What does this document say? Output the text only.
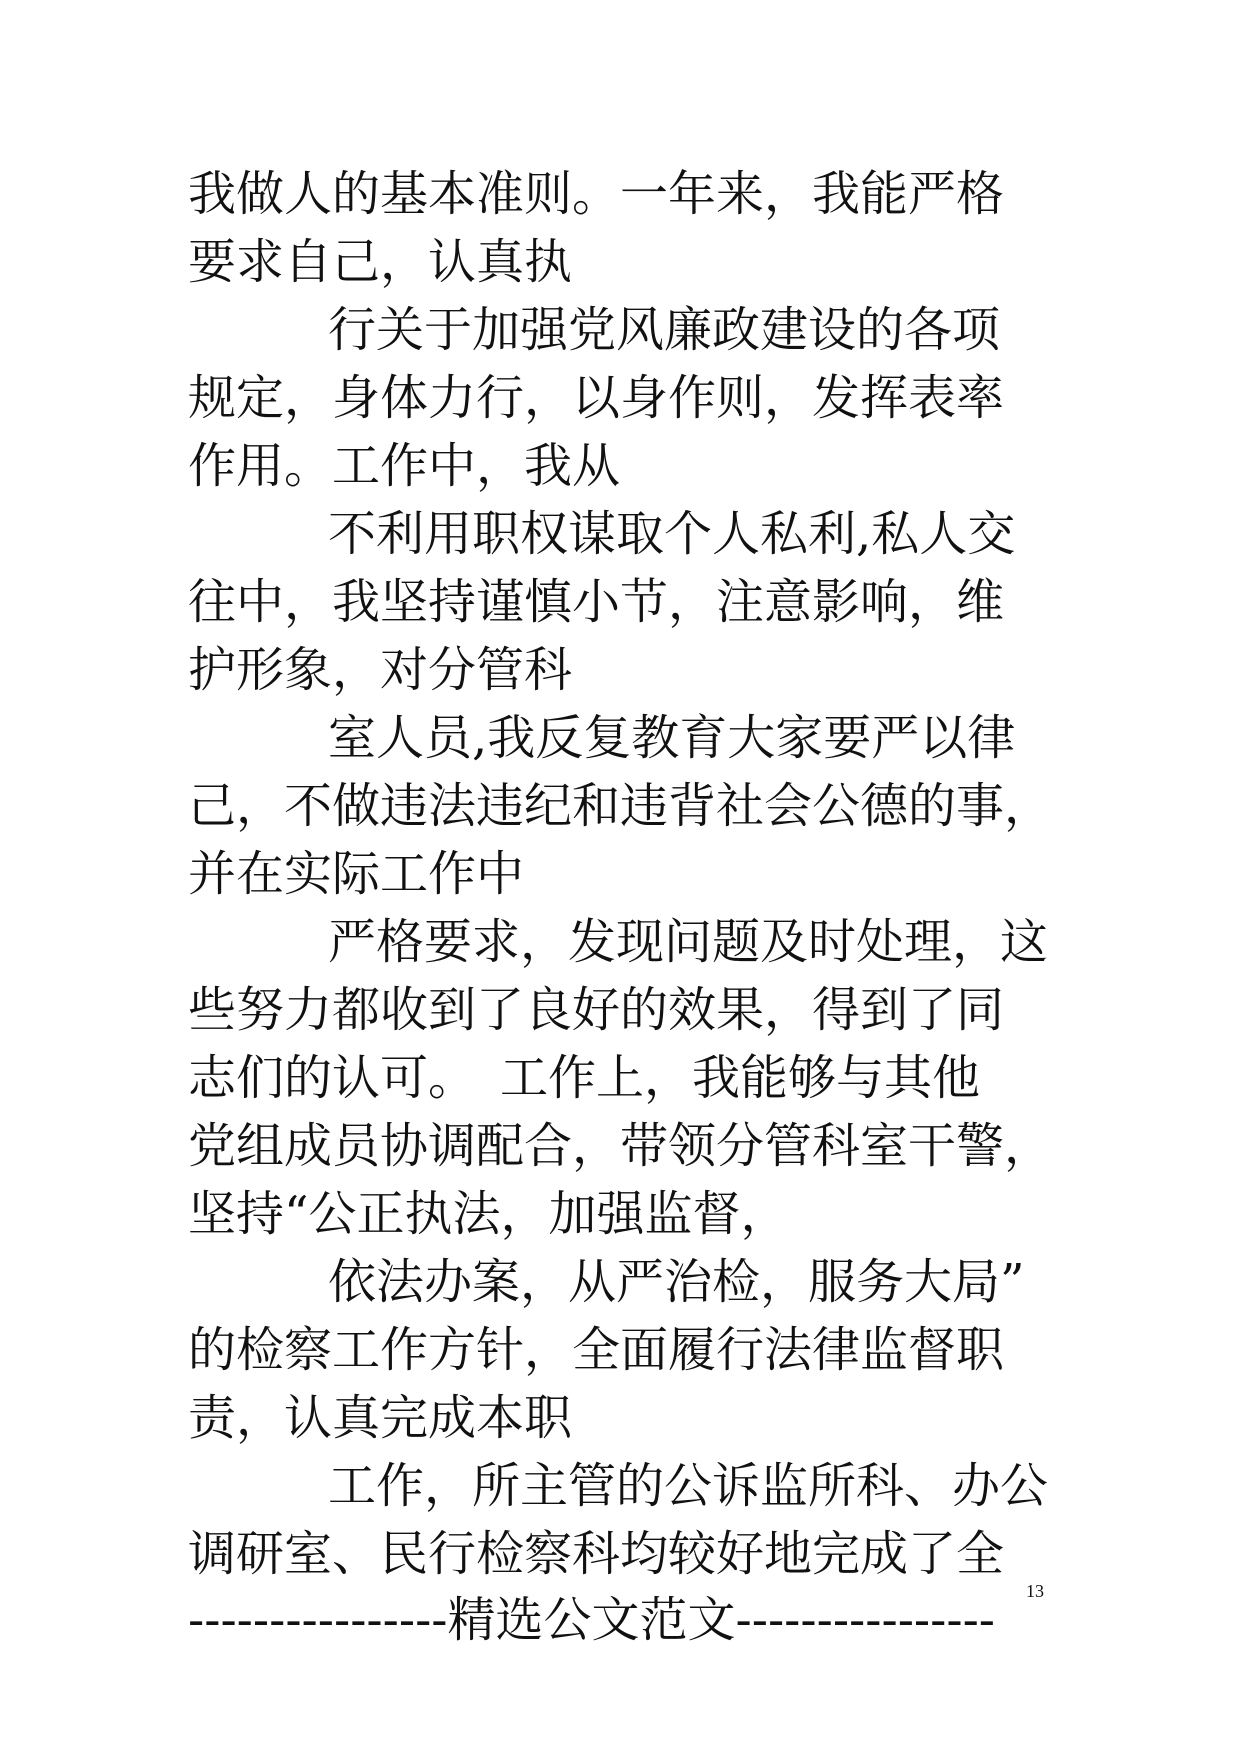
我做人的基本准则。一年来，我能严格
要求自己，认真执
行关于加强党风廉政建设的各项
规定，身体力行，以身作则，发挥表率
作用。工作中，我从
不利用职权谋取个人私利,私人交
往中，我坚持谨慎小节，注意影响，维
护形象，对分管科
室人员,我反复教育大家要严以律
己，不做违法违纪和违背社会公德的事，
并在实际工作中
严格要求，发现问题及时处理，这
些努力都收到了良好的效果，得到了同
志们的认可。　工作上，我能够与其他
党组成员协调配合，带领分管科室干警，
坚持“公正执法，加强监督，
依法办案，从严治检，服务大局”
的检察工作方针，全面履行法律监督职
责，认真完成本职
工作，所主管的公诉监所科、办公
调研室、民行检察科均较好地完成了全
----------------精选公文范文----------------
13
